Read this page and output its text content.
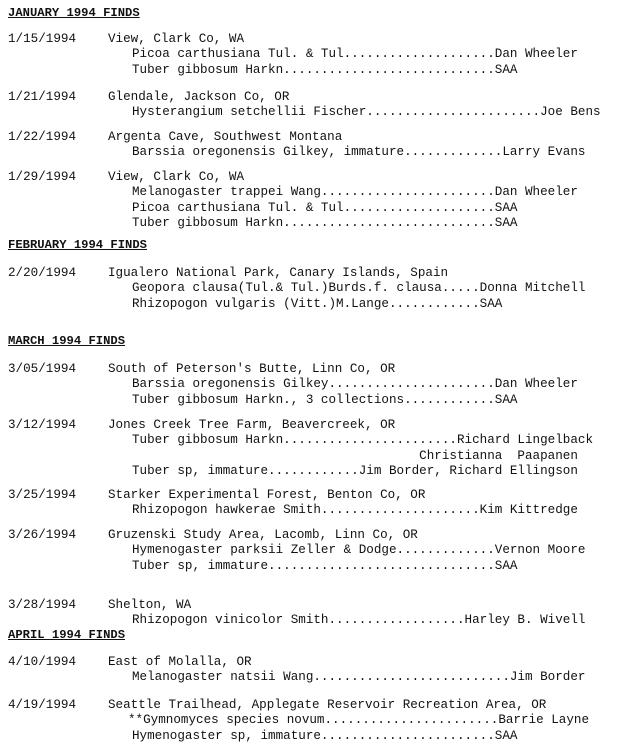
JANUARY 1994 FINDS
1/15/1994	View, Clark Co, WA
Picoa carthusiana Tul. & Tul....................Dan Wheeler
Tuber gibbosum Harkn............................SAA
1/21/1994	Glendale, Jackson Co, OR
Hysterangium setchellii Fischer.......................Joe Bens
1/22/1994	Argenta Cave, Southwest Montana
Barssia oregonensis Gilkey, immature.............Larry Evans
1/29/1994	View, Clark Co, WA
Melanogaster trappei Wang.......................Dan Wheeler
Picoa carthusiana Tul. & Tul....................SAA
Tuber gibbosum Harkn............................SAA
FEBRUARY 1994 FINDS
2/20/1994	Igualero National Park, Canary Islands, Spain
Geopora clausa(Tul.& Tul.)Burds.f. clausa.....Donna Mitchell
Rhizopogon vulgaris (Vitt.)M.Lange............SAA
MARCH 1994 FINDS
3/05/1994	South of Peterson's Butte, Linn Co, OR
Barssia oregonensis Gilkey......................Dan Wheeler
Tuber gibbosum Harkn., 3 collections............SAA
3/12/1994	Jones Creek Tree Farm, Beavercreek, OR
Tuber gibbosum Harkn.......................Richard Lingelback
Christianna  Paapanen
Tuber sp, immature............Jim Border, Richard Ellingson
3/25/1994	Starker Experimental Forest, Benton Co, OR
Rhizopogon hawkerae Smith.....................Kim Kittredge
3/26/1994	Gruzenski Study Area, Lacomb, Linn Co, OR
Hymenogaster parksii Zeller & Dodge.............Vernon Moore
Tuber sp, immature..............................SAA
3/28/1994	Shelton, WA
Rhizopogon vinicolor Smith..................Harley B. Wivell
APRIL 1994 FINDS
4/10/1994	East of Molalla, OR
Melanogaster natsii Wang..........................Jim Border
4/19/1994	Seattle Trailhead, Applegate Reservoir Recreation Area, OR
**Gymnomyces species novum.......................Barrie Layne
Hymenogaster sp, immature.......................SAA
